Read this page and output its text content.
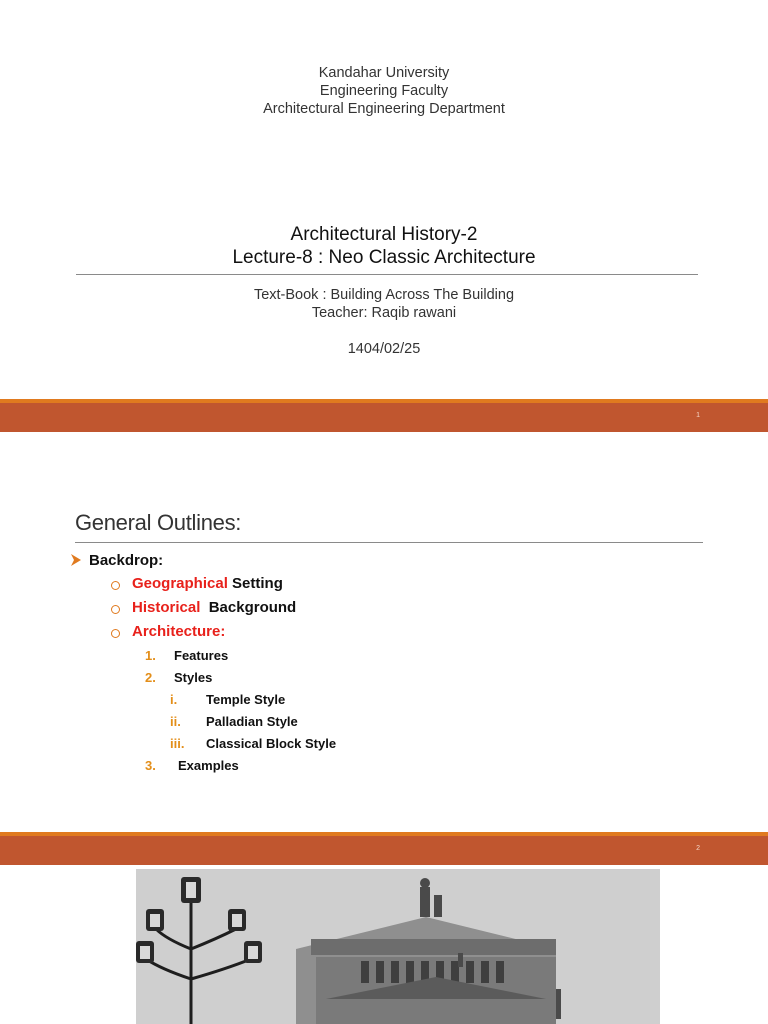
Kandahar University
Engineering Faculty
Architectural Engineering Department
Architectural History-2
Lecture-8 : Neo Classic Architecture
Text-Book : Building Across The Building
Teacher: Raqib rawani
1404/02/25
1
General Outlines:
Backdrop:
Geographical Setting
Historical Background
Architecture:
1. Features
2. Styles
i. Temple Style
ii. Palladian Style
iii. Classical Block Style
3. Examples
2
